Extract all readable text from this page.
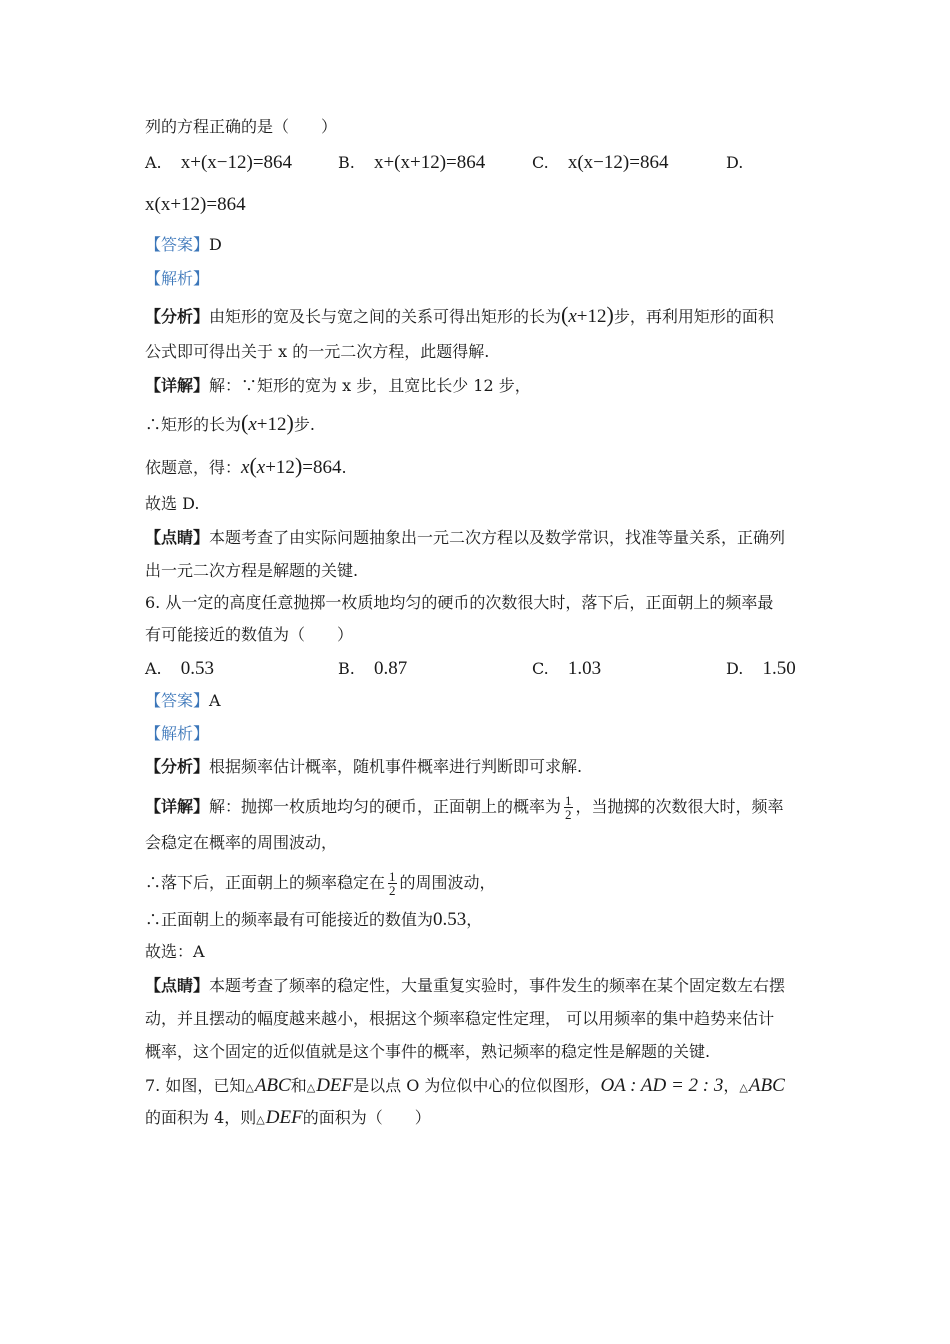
列的方程正确的是（　　）
A. x+(x−12)=864	B. x+(x+12)=864	C. x(x−12)=864	D.
x(x+12)=864
【答案】D
【解析】
【分析】由矩形的宽及长与宽之间的关系可得出矩形的长为(x+12)步，再利用矩形的面积
公式即可得出关于 x 的一元二次方程，此题得解.
【详解】解：∵矩形的宽为 x 步，且宽比长少 12 步，
∴矩形的长为(x+12)步.
依题意，得：x(x+12)=864.
故选 D.
【点睛】本题考查了由实际问题抽象出一元二次方程以及数学常识，找准等量关系，正确列
出一元二次方程是解题的关键.
6. 从一定的高度任意抛掷一枚质地均匀的硬币的次数很大时，落下后，正面朝上的频率最
有可能接近的数值为（　　）
A. 0.53	B. 0.87	C. 1.03	D. 1.50
【答案】A
【解析】
【分析】根据频率估计概率，随机事件概率进行判断即可求解.
【详解】解：抛掷一枚质地均匀的硬币，正面朝上的概率为 $\frac{1}{2}$ ，当抛掷的次数很大时，频率
会稳定在概率的周围波动，
∴落下后，正面朝上的频率稳定在 $\frac{1}{2}$ 的周围波动，
∴正面朝上的频率最有可能接近的数值为0.53，
故选：A
【点睛】本题考查了频率的稳定性，大量重复实验时，事件发生的频率在某个固定数左右摆
动，并且摆动的幅度越来越小，根据这个频率稳定性定理， 可以用频率的集中趋势来估计
概率，这个固定的近似值就是这个事件的概率，熟记频率的稳定性是解题的关键.
7. 如图，已知△ABC和△DEF是以点 O 为位似中心的位似图形，OA : AD = 2 : 3，△ABC
的面积为 4，则△DEF的面积为（　　）
